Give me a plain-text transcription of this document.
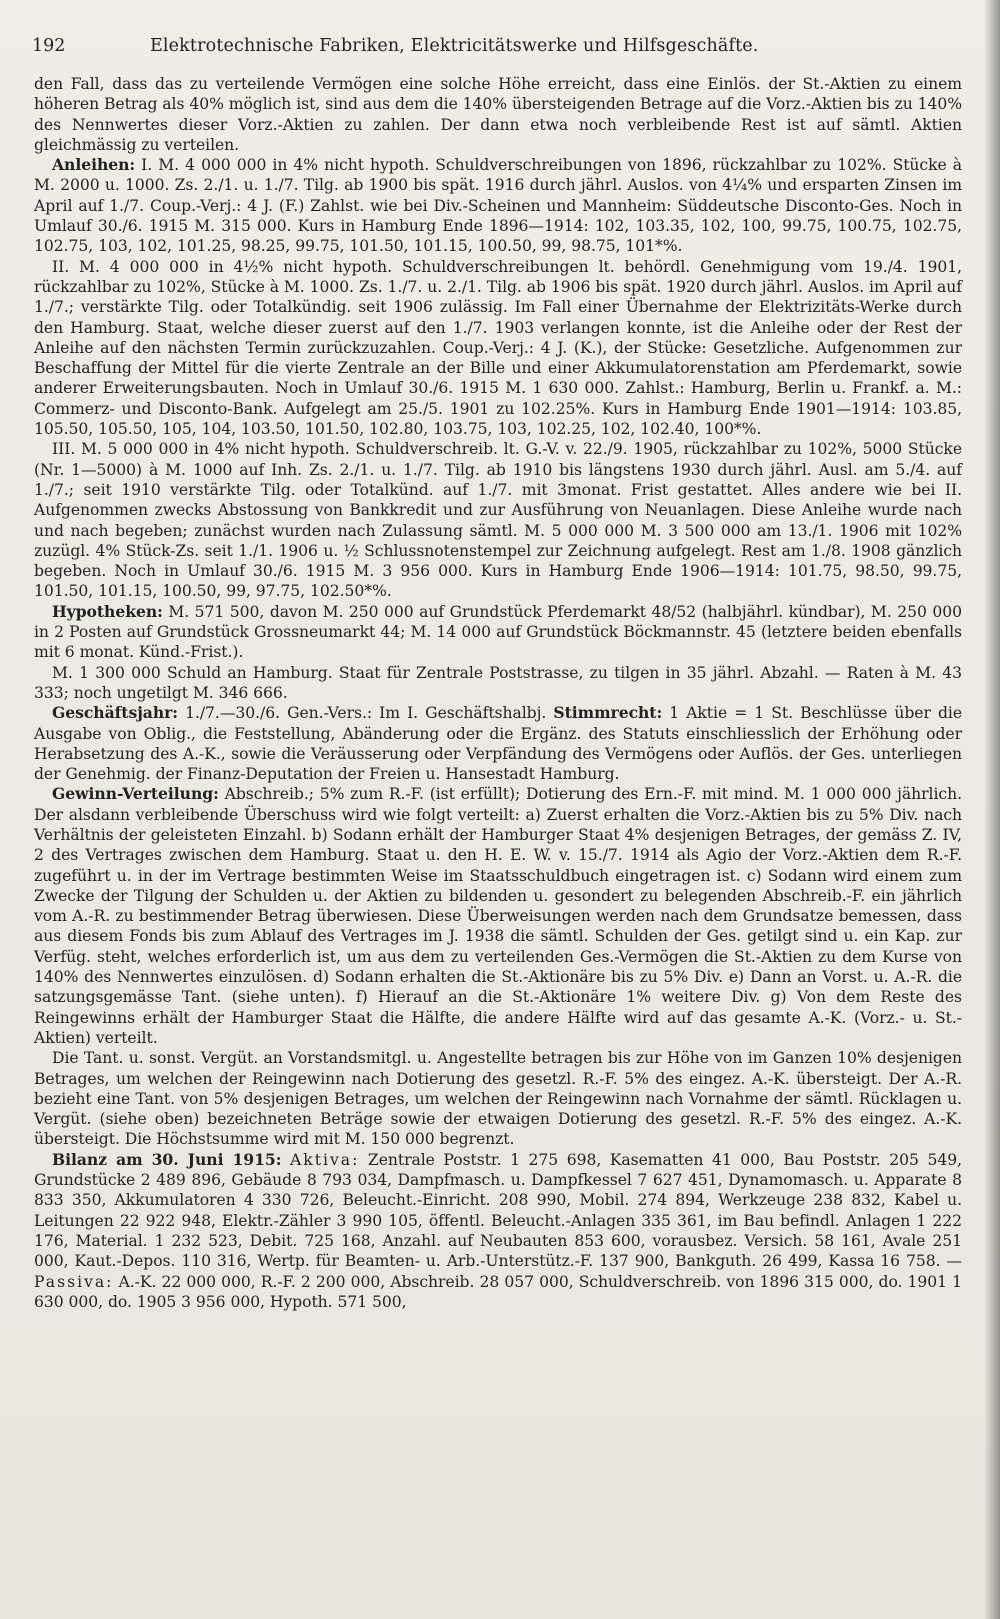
192	Elektrotechnische Fabriken, Elektricitätswerke und Hilfsgeschäfte.

den Fall, dass das zu verteilende Vermögen eine solche Höhe erreicht, dass eine Einlös. der St.-Aktien zu einem höheren Betrag als 40% möglich ist, sind aus dem die 140% übersteigenden Betrage auf die Vorz.-Aktien bis zu 140% des Nennwertes dieser Vorz.-Aktien zu zahlen. Der dann etwa noch verbleibende Rest ist auf sämtl. Aktien gleichmässig zu verteilen.

Anleihen: I. M. 4 000 000 in 4% nicht hypoth. Schuldverschreibungen von 1896, rückzahlbar zu 102%. Stücke à M. 2000 u. 1000. Zs. 2./1. u. 1./7. Tilg. ab 1900 bis spät. 1916 durch jährl. Auslos. von 4¼% und ersparten Zinsen im April auf 1./7. Coup.-Verj.: 4 J. (F.) Zahlst. wie bei Div.-Scheinen und Mannheim: Süddeutsche Disconto-Ges. Noch in Umlauf 30./6. 1915 M. 315 000. Kurs in Hamburg Ende 1896—1914: 102, 103.35, 102, 100, 99.75, 100.75, 102.75, 102.75, 103, 102, 101.25, 98.25, 99.75, 101.50, 101.15, 100.50, 99, 98.75, 101*%.

II. M. 4 000 000 in 4½% nicht hypoth. Schuldverschreibungen lt. behördl. Genehmigung vom 19./4. 1901, rückzahlbar zu 102%, Stücke à M. 1000. Zs. 1./7. u. 2./1. Tilg. ab 1906 bis spät. 1920 durch jährl. Auslos. im April auf 1./7.; verstärkte Tilg. oder Totalkündig. seit 1906 zulässig. Im Fall einer Übernahme der Elektrizitäts-Werke durch den Hamburg. Staat, welche dieser zuerst auf den 1./7. 1903 verlangen konnte, ist die Anleihe oder der Rest der Anleihe auf den nächsten Termin zurückzuzahlen. Coup.-Verj.: 4 J. (K.), der Stücke: Gesetzliche. Aufgenommen zur Beschaffung der Mittel für die vierte Zentrale an der Bille und einer Akkumulatorenstation am Pferdemarkt, sowie anderer Erweiterungsbauten. Noch in Umlauf 30./6. 1915 M. 1 630 000. Zahlst.: Hamburg, Berlin u. Frankf. a. M.: Commerz- und Disconto-Bank. Aufgelegt am 25./5. 1901 zu 102.25%. Kurs in Hamburg Ende 1901—1914: 103.85, 105.50, 105.50, 105, 104, 103.50, 101.50, 102.80, 103.75, 103, 102.25, 102, 102.40, 100*%.

III. M. 5 000 000 in 4% nicht hypoth. Schuldverschreib. lt. G.-V. v. 22./9. 1905, rückzahlbar zu 102%, 5000 Stücke (Nr. 1—5000) à M. 1000 auf Inh. Zs. 2./1. u. 1./7. Tilg. ab 1910 bis längstens 1930 durch jährl. Ausl. am 5./4. auf 1./7.; seit 1910 verstärkte Tilg. oder Totalkünd. auf 1./7. mit 3monat. Frist gestattet. Alles andere wie bei II. Aufgenommen zwecks Abstossung von Bankkredit und zur Ausführung von Neuanlagen. Diese Anleihe wurde nach und nach begeben; zunächst wurden nach Zulassung sämtl. M. 5 000 000 M. 3 500 000 am 13./1. 1906 mit 102% zuzügl. 4% Stück-Zs. seit 1./1. 1906 u. ½ Schlussnotenstempel zur Zeichnung aufgelegt. Rest am 1./8. 1908 gänzlich begeben. Noch in Umlauf 30./6. 1915 M. 3 956 000. Kurs in Hamburg Ende 1906—1914: 101.75, 98.50, 99.75, 101.50, 101.15, 100.50, 99, 97.75, 102.50*%.

Hypotheken: M. 571 500, davon M. 250 000 auf Grundstück Pferdemarkt 48/52 (halbjährl. kündbar), M. 250 000 in 2 Posten auf Grundstück Grossneumarkt 44; M. 14 000 auf Grundstück Böckmannstr. 45 (letztere beiden ebenfalls mit 6 monat. Künd.-Frist.).

M. 1 300 000 Schuld an Hamburg. Staat für Zentrale Poststrasse, zu tilgen in 35 jährl. Abzahl. — Raten à M. 43 333; noch ungetilgt M. 346 666.

Geschäftsjahr: 1./7.—30./6. Gen.-Vers.: Im I. Geschäftshalbj. Stimmrecht: 1 Aktie = 1 St. Beschlüsse über die Ausgabe von Oblig., die Feststellung, Abänderung oder die Ergänz. des Statuts einschliesslich der Erhöhung oder Herabsetzung des A.-K., sowie die Veräusserung oder Verpfändung des Vermögens oder Auflös. der Ges. unterliegen der Genehmig. der Finanz-Deputation der Freien u. Hansestadt Hamburg.

Gewinn-Verteilung: Abschreib.; 5% zum R.-F. (ist erfüllt); Dotierung des Ern.-F. mit mind. M. 1 000 000 jährlich. Der alsdann verbleibende Überschuss wird wie folgt verteilt: a) Zuerst erhalten die Vorz.-Aktien bis zu 5% Div. nach Verhältnis der geleisteten Einzahl. b) Sodann erhält der Hamburger Staat 4% desjenigen Betrages, der gemäss Z. IV, 2 des Vertrages zwischen dem Hamburg. Staat u. den H. E. W. v. 15./7. 1914 als Agio der Vorz.-Aktien dem R.-F. zugeführt u. in der im Vertrage bestimmten Weise im Staatsschuldbuch eingetragen ist. c) Sodann wird einem zum Zwecke der Tilgung der Schulden u. der Aktien zu bildenden u. gesondert zu belegenden Abschreib.-F. ein jährlich vom A.-R. zu bestimmender Betrag überwiesen. Diese Überweisungen werden nach dem Grundsatze bemessen, dass aus diesem Fonds bis zum Ablauf des Vertrages im J. 1938 die sämtl. Schulden der Ges. getilgt sind u. ein Kap. zur Verfüg. steht, welches erforderlich ist, um aus dem zu verteilenden Ges.-Vermögen die St.-Aktien zu dem Kurse von 140% des Nennwertes einzulösen. d) Sodann erhalten die St.-Aktionäre bis zu 5% Div. e) Dann an Vorst. u. A.-R. die satzungsgemässe Tant. (siehe unten). f) Hierauf an die St.-Aktionäre 1% weitere Div. g) Von dem Reste des Reingewinns erhält der Hamburger Staat die Hälfte, die andere Hälfte wird auf das gesamte A.-K. (Vorz.- u. St.-Aktien) verteilt.

Die Tant. u. sonst. Vergüt. an Vorstandsmitgl. u. Angestellte betragen bis zur Höhe von im Ganzen 10% desjenigen Betrages, um welchen der Reingewinn nach Dotierung des gesetzl. R.-F. 5% des eingez. A.-K. übersteigt. Der A.-R. bezieht eine Tant. von 5% desjenigen Betrages, um welchen der Reingewinn nach Vornahme der sämtl. Rücklagen u. Vergüt. (siehe oben) bezeichneten Beträge sowie der etwaigen Dotierung des gesetzl. R.-F. 5% des eingez. A.-K. übersteigt. Die Höchstsumme wird mit M. 150 000 begrenzt.

Bilanz am 30. Juni 1915: Aktiva: Zentrale Poststr. 1 275 698, Kasematten 41 000, Bau Poststr. 205 549, Grundstücke 2 489 896, Gebäude 8 793 034, Dampfmasch. u. Dampfkessel 7 627 451, Dynamomasch. u. Apparate 8 833 350, Akkumulatoren 4 330 726, Beleucht.-Einricht. 208 990, Mobil. 274 894, Werkzeuge 238 832, Kabel u. Leitungen 22 922 948, Elektr.-Zähler 3 990 105, öffentl. Beleucht.-Anlagen 335 361, im Bau befindl. Anlagen 1 222 176, Material. 1 232 523, Debit. 725 168, Anzahl. auf Neubauten 853 600, vorausbez. Versich. 58 161, Avale 251 000, Kaut.-Depos. 110 316, Wertp. für Beamten- u. Arb.-Unterstütz.-F. 137 900, Bankguth. 26 499, Kassa 16 758. — Passiva: A.-K. 22 000 000, R.-F. 2 200 000, Abschreib. 28 057 000, Schuldverschreib. von 1896 315 000, do. 1901 1 630 000, do. 1905 3 956 000, Hypoth. 571 500,
